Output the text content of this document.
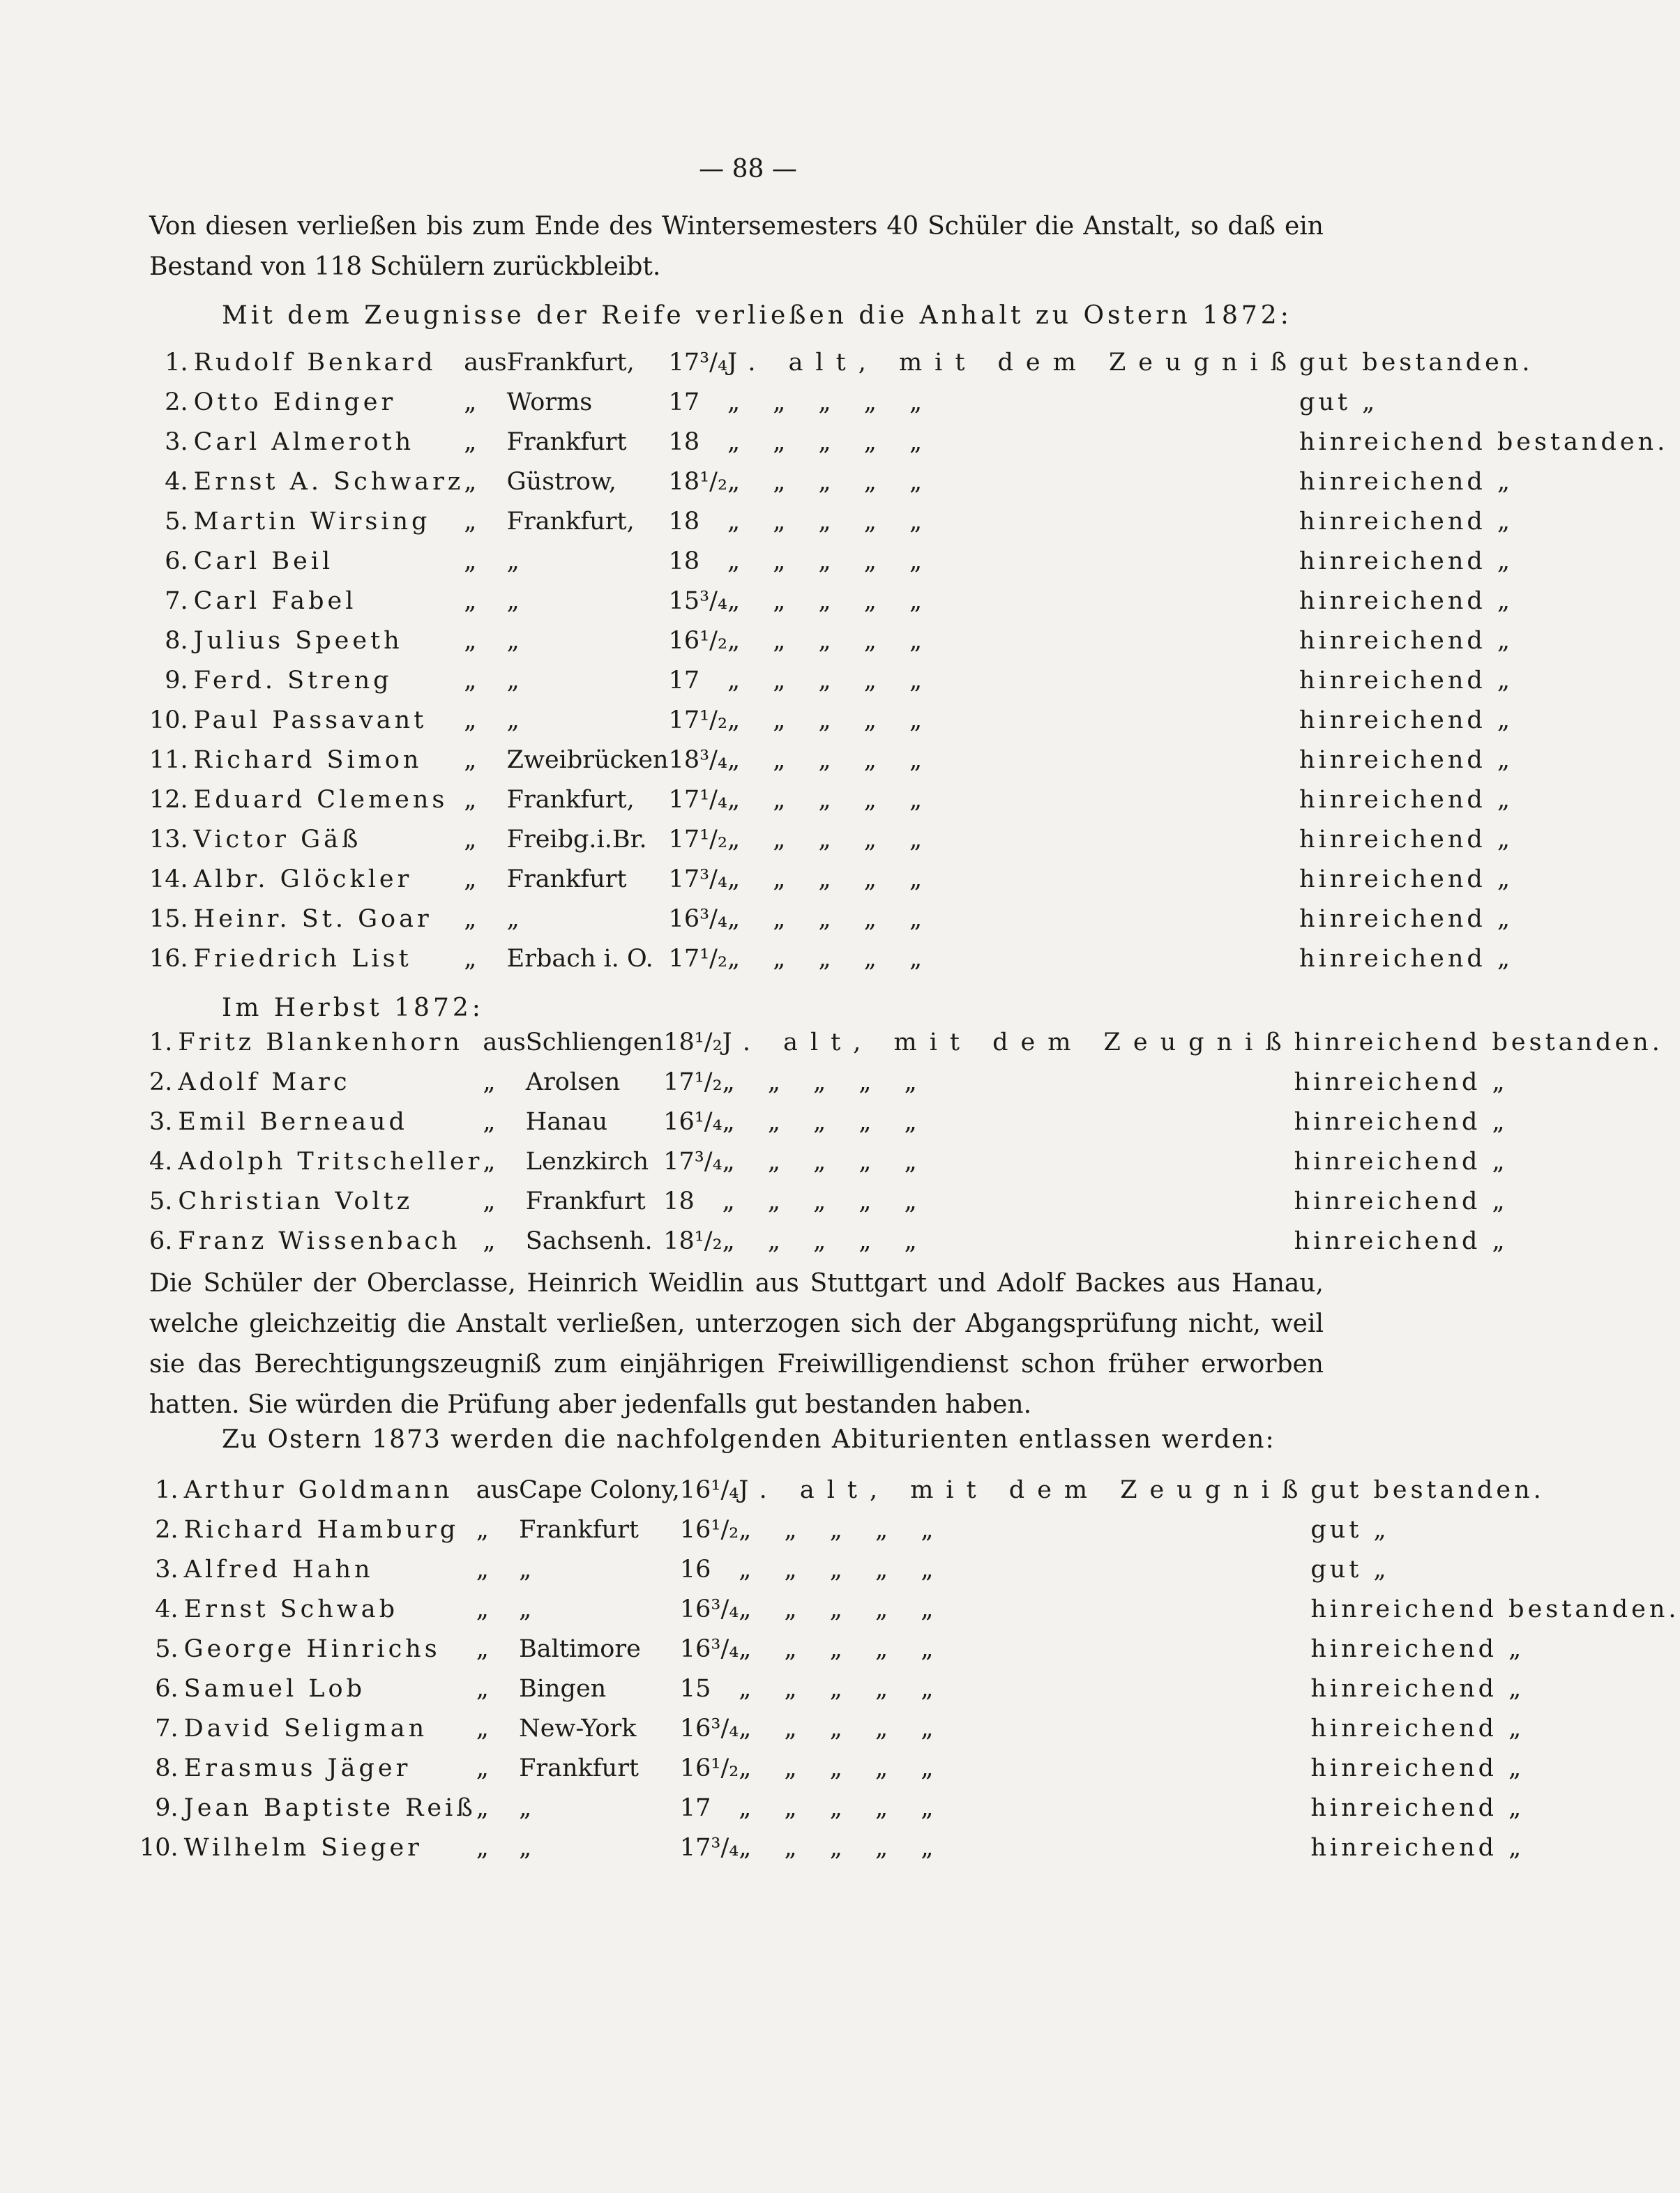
— 88 —
Von diesen verließen bis zum Ende des Wintersemesters 40 Schüler die Anstalt, so daß ein Bestand von 118 Schülern zurückbleibt.
Mit dem Zeugnisse der Reife verließen die Anhalt zu Ostern 1872:
1.	Rudolf Benkard	aus	Frankfurt,	17³/₄	J. alt, mit dem Zeugniß	gut bestanden.
2.	Otto Edinger	„	Worms	17	„ „ „ „ „	gut „
3.	Carl Almeroth	„	Frankfurt	18	„ „ „ „ „	hinreichend bestanden.
4.	Ernst A. Schwarz	„	Güstrow,	18¹/₂	„ „ „ „ „	hinreichend „
5.	Martin Wirsing	„	Frankfurt,	18	„ „ „ „ „	hinreichend „
6.	Carl Beil	„	„	18	„ „ „ „ „	hinreichend „
7.	Carl Fabel	„	„	15³/₄	„ „ „ „ „	hinreichend „
8.	Julius Speeth	„	„	16¹/₂	„ „ „ „ „	hinreichend „
9.	Ferd. Streng	„	„	17	„ „ „ „ „	hinreichend „
10.	Paul Passavant	„	„	17¹/₂	„ „ „ „ „	hinreichend „
11.	Richard Simon	„	Zweibrücken	18³/₄	„ „ „ „ „	hinreichend „
12.	Eduard Clemens	„	Frankfurt,	17¹/₄	„ „ „ „ „	hinreichend „
13.	Victor Gäß	„	Freibg.i.Br.	17¹/₂	„ „ „ „ „	hinreichend „
14.	Albr. Glöckler	„	Frankfurt	17³/₄	„ „ „ „ „	hinreichend „
15.	Heinr. St. Goar	„	„	16³/₄	„ „ „ „ „	hinreichend „
16.	Friedrich List	„	Erbach i. O.	17¹/₂	„ „ „ „ „	hinreichend „
Im Herbst 1872:
1.	Fritz Blankenhorn	aus	Schliengen	18¹/₂	J. alt, mit dem Zeugniß	hinreichend bestanden.
2.	Adolf Marc	„	Arolsen	17¹/₂	„ „ „ „ „	hinreichend „
3.	Emil Berneaud	„	Hanau	16¹/₄	„ „ „ „ „	hinreichend „
4.	Adolph Tritscheller	„	Lenzkirch	17³/₄	„ „ „ „ „	hinreichend „
5.	Christian Voltz	„	Frankfurt	18	„ „ „ „ „	hinreichend „
6.	Franz Wissenbach	„	Sachsenh.	18¹/₂	„ „ „ „ „	hinreichend „
Die Schüler der Oberclasse, Heinrich Weidlin aus Stuttgart und Adolf Backes aus Hanau, welche gleichzeitig die Anstalt verließen, unterzogen sich der Abgangsprüfung nicht, weil sie das Berechtigungszeugniß zum einjährigen Freiwilligendienst schon früher erworben hatten. Sie würden die Prüfung aber jedenfalls gut bestanden haben.
Zu Ostern 1873 werden die nachfolgenden Abiturienten entlassen werden:
1.	Arthur Goldmann	aus	Cape Colony,	16¹/₄	J. alt, mit dem Zeugniß	gut bestanden.
2.	Richard Hamburg	„	Frankfurt	16¹/₂	„ „ „ „ „	gut „
3.	Alfred Hahn	„	„	16	„ „ „ „ „	gut „
4.	Ernst Schwab	„	„	16³/₄	„ „ „ „ „	hinreichend bestanden.
5.	George Hinrichs	„	Baltimore	16³/₄	„ „ „ „ „	hinreichend „
6.	Samuel Lob	„	Bingen	15	„ „ „ „ „	hinreichend „
7.	David Seligman	„	New-York	16³/₄	„ „ „ „ „	hinreichend „
8.	Erasmus Jäger	„	Frankfurt	16¹/₂	„ „ „ „ „	hinreichend „
9.	Jean Baptiste Reiß	„	„	17	„ „ „ „ „	hinreichend „
10.	Wilhelm Sieger	„	„	17³/₄	„ „ „ „ „	hinreichend „
